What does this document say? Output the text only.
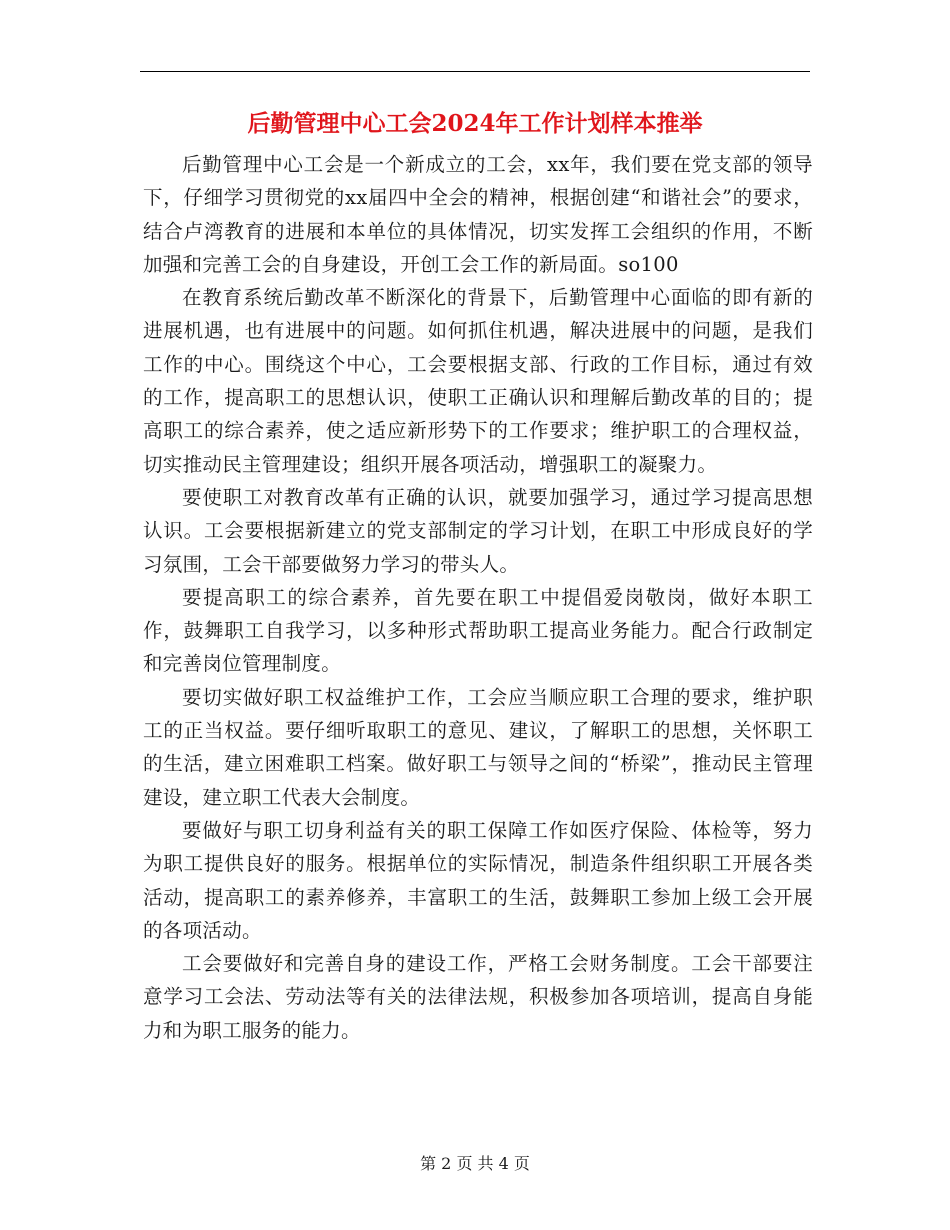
后勤管理中心工会2024年工作计划样本推举

后勤管理中心工会是一个新成立的工会，xx年，我们要在党支部的领导下，仔细学习贯彻党的xx届四中全会的精神，根据创建“和谐社会”的要求，结合卢湾教育的进展和本单位的具体情况，切实发挥工会组织的作用，不断加强和完善工会的自身建设，开创工会工作的新局面。so100

在教育系统后勤改革不断深化的背景下，后勤管理中心面临的即有新的进展机遇，也有进展中的问题。如何抓住机遇，解决进展中的问题，是我们工作的中心。围绕这个中心，工会要根据支部、行政的工作目标，通过有效的工作，提高职工的思想认识，使职工正确认识和理解后勤改革的目的；提高职工的综合素养，使之适应新形势下的工作要求；维护职工的合理权益，切实推动民主管理建设；组织开展各项活动，增强职工的凝聚力。

要使职工对教育改革有正确的认识，就要加强学习，通过学习提高思想认识。工会要根据新建立的党支部制定的学习计划，在职工中形成良好的学习氛围，工会干部要做努力学习的带头人。

要提高职工的综合素养，首先要在职工中提倡爱岗敬岗，做好本职工作，鼓舞职工自我学习，以多种形式帮助职工提高业务能力。配合行政制定和完善岗位管理制度。

要切实做好职工权益维护工作，工会应当顺应职工合理的要求，维护职工的正当权益。要仔细听取职工的意见、建议，了解职工的思想，关怀职工的生活，建立困难职工档案。做好职工与领导之间的“桥梁”，推动民主管理建设，建立职工代表大会制度。

要做好与职工切身利益有关的职工保障工作如医疗保险、体检等，努力为职工提供良好的服务。根据单位的实际情况，制造条件组织职工开展各类活动，提高职工的素养修养，丰富职工的生活，鼓舞职工参加上级工会开展的各项活动。

工会要做好和完善自身的建设工作，严格工会财务制度。工会干部要注意学习工会法、劳动法等有关的法律法规，积极参加各项培训，提高自身能力和为职工服务的能力。

第 2 页 共 4 页
